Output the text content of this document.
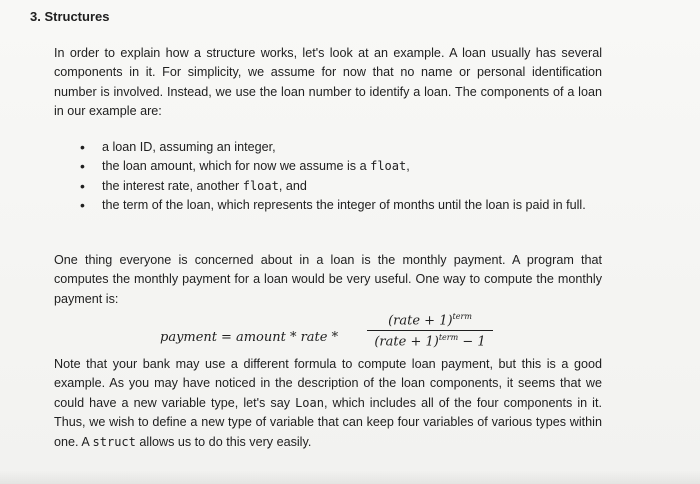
3. Structures
In order to explain how a structure works, let's look at an example. A loan usually has several components in it. For simplicity, we assume for now that no name or personal identification number is involved. Instead, we use the loan number to identify a loan. The components of a loan in our example are:
• a loan ID, assuming an integer,
• the loan amount, which for now we assume is a float,
• the interest rate, another float, and
• the term of the loan, which represents the integer of months until the loan is paid in full.
One thing everyone is concerned about in a loan is the monthly payment. A program that computes the monthly payment for a loan would be very useful. One way to compute the monthly payment is:
payment = amount * rate *
(rate + 1)$^{term}$
(rate + 1)$^{term}$ − 1
Note that your bank may use a different formula to compute loan payment, but this is a good example. As you may have noticed in the description of the loan components, it seems that we could have a new variable type, let's say Loan, which includes all of the four components in it. Thus, we wish to define a new type of variable that can keep four variables of various types within one. A struct allows us to do this very easily.
